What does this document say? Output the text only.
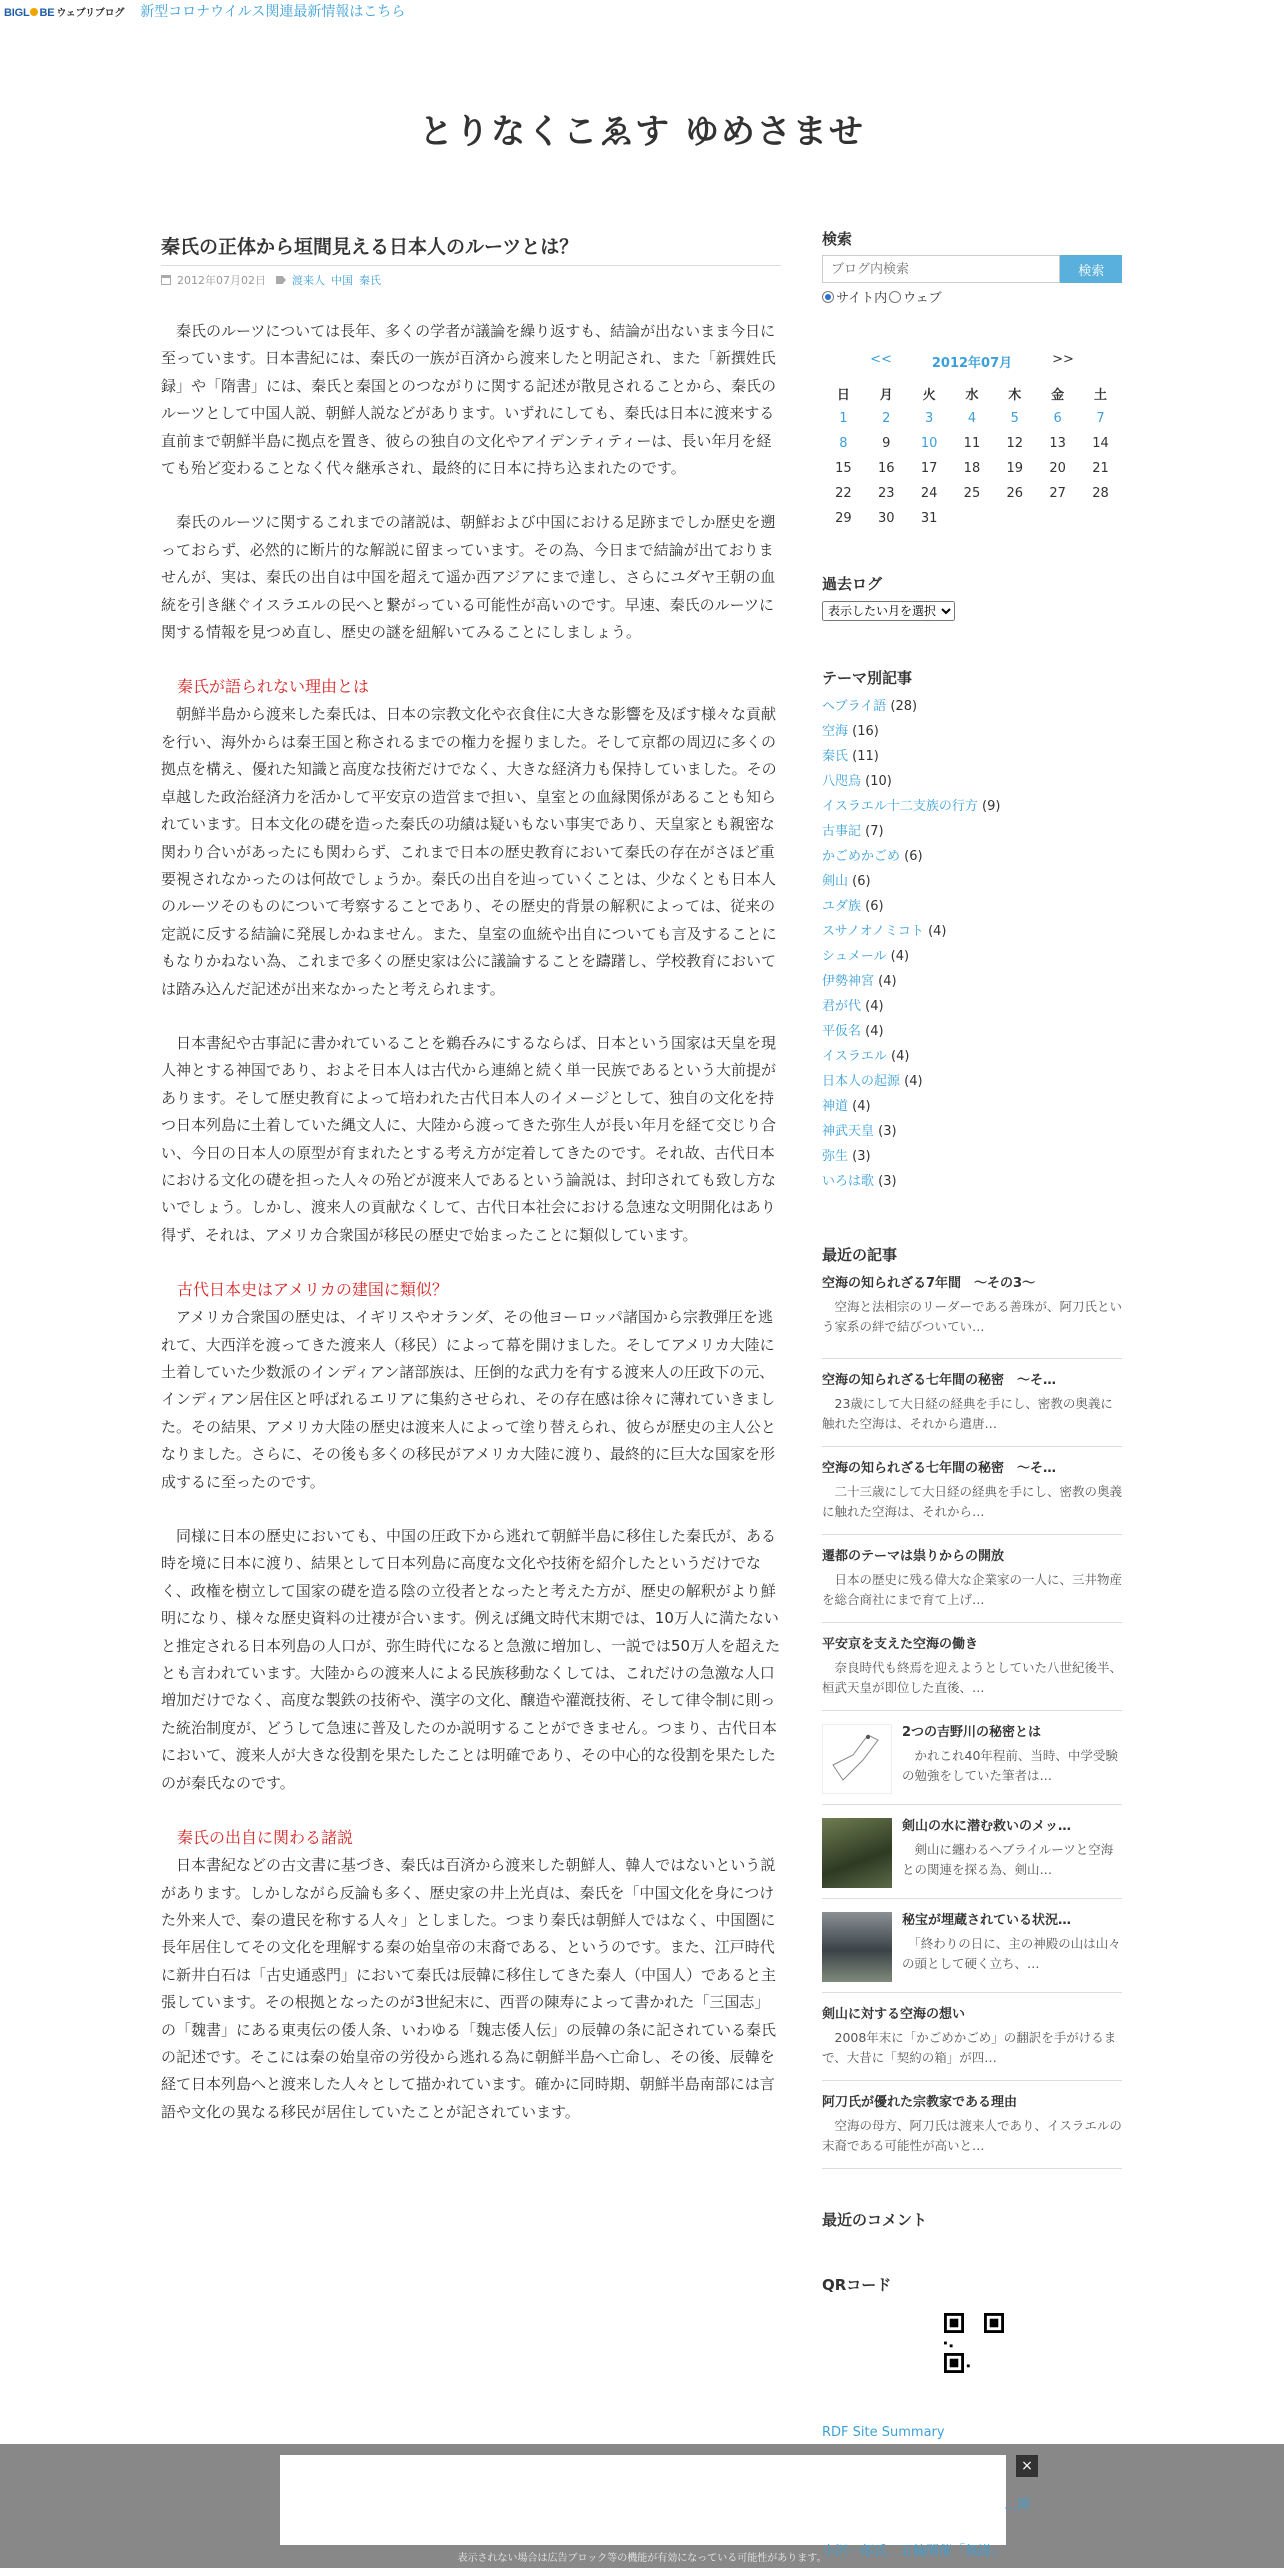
BIGL BE ウェブリブログ 新型コロナウイルス関連最新情報はこちら
とりなくこゑす ゆめさませ
秦氏の正体から垣間見える日本人のルーツとは？
2012年07月02日 渡来人 中国 秦氏

　秦氏のルーツについては長年、多くの学者が議論を繰り返すも、結論が出ないまま今日に至っています。日本書紀には、秦氏の一族が百済から渡来したと明記され、また「新撰姓氏録」や「隋書」には、秦氏と秦国とのつながりに関する記述が散見されることから、秦氏のルーツとして中国人説、朝鮮人説などがあります。いずれにしても、秦氏は日本に渡来する直前まで朝鮮半島に拠点を置き、彼らの独自の文化やアイデンティティーは、長い年月を経ても殆ど変わることなく代々継承され、最終的に日本に持ち込まれたのです。

　秦氏のルーツに関するこれまでの諸説は、朝鮮および中国における足跡までしか歴史を遡っておらず、必然的に断片的な解説に留まっています。その為、今日まで結論が出ておりませんが、実は、秦氏の出自は中国を超えて遥か西アジアにまで達し、さらにユダヤ王朝の血統を引き継ぐイスラエルの民へと繋がっている可能性が高いのです。早速、秦氏のルーツに関する情報を見つめ直し、歴史の謎を紐解いてみることにしましょう。

秦氏が語られない理由とは

　朝鮮半島から渡来した秦氏は、日本の宗教文化や衣食住に大きな影響を及ぼす様々な貢献を行い、海外からは秦王国と称されるまでの権力を握りました。そして京都の周辺に多くの拠点を構え、優れた知識と高度な技術だけでなく、大きな経済力も保持していました。その卓越した政治経済力を活かして平安京の造営まで担い、皇室との血縁関係があることも知られています。日本文化の礎を造った秦氏の功績は疑いもない事実であり、天皇家とも親密な関わり合いがあったにも関わらず、これまで日本の歴史教育において秦氏の存在がさほど重要視されなかったのは何故でしょうか。秦氏の出自を辿っていくことは、少なくとも日本人のルーツそのものについて考察することであり、その歴史的背景の解釈によっては、従来の定説に反する結論に発展しかねません。また、皇室の血統や出自についても言及することにもなりかねない為、これまで多くの歴史家は公に議論することを躊躇し、学校教育においては踏み込んだ記述が出来なかったと考えられます。

　日本書紀や古事記に書かれていることを鵜呑みにするならば、日本という国家は天皇を現人神とする神国であり、およそ日本人は古代から連綿と続く単一民族であるという大前提があります。そして歴史教育によって培われた古代日本人のイメージとして、独自の文化を持つ日本列島に土着していた縄文人に、大陸から渡ってきた弥生人が長い年月を経て交じり合い、今日の日本人の原型が育まれたとする考え方が定着してきたのです。それ故、古代日本における文化の礎を担った人々の殆どが渡来人であるという論説は、封印されても致し方ないでしょう。しかし、渡来人の貢献なくして、古代日本社会における急速な文明開化はあり得ず、それは、アメリカ合衆国が移民の歴史で始まったことに類似しています。

古代日本史はアメリカの建国に類似？

　アメリカ合衆国の歴史は、イギリスやオランダ、その他ヨーロッパ諸国から宗教弾圧を逃れて、大西洋を渡ってきた渡来人（移民）によって幕を開けました。そしてアメリカ大陸に土着していた少数派のインディアン諸部族は、圧倒的な武力を有する渡来人の圧政下の元、インディアン居住区と呼ばれるエリアに集約させられ、その存在感は徐々に薄れていきました。その結果、アメリカ大陸の歴史は渡来人によって塗り替えられ、彼らが歴史の主人公となりました。さらに、その後も多くの移民がアメリカ大陸に渡り、最終的に巨大な国家を形成するに至ったのです。

　同様に日本の歴史においても、中国の圧政下から逃れて朝鮮半島に移住した秦氏が、ある時を境に日本に渡り、結果として日本列島に高度な文化や技術を紹介したというだけでなく、政権を樹立して国家の礎を造る陰の立役者となったと考えた方が、歴史の解釈がより鮮明になり、様々な歴史資料の辻褄が合います。例えば縄文時代末期では、10万人に満たないと推定される日本列島の人口が、弥生時代になると急激に増加し、一説では50万人を超えたとも言われています。大陸からの渡来人による民族移動なくしては、これだけの急激な人口増加だけでなく、高度な製鉄の技術や、漢字の文化、醸造や灌漑技術、そして律令制に則った統治制度が、どうして急速に普及したのか説明することができません。つまり、古代日本において、渡来人が大きな役割を果たしたことは明確であり、その中心的な役割を果たしたのが秦氏なのです。

秦氏の出自に関わる諸説

　日本書紀などの古文書に基づき、秦氏は百済から渡来した朝鮮人、韓人ではないという説があります。しかしながら反論も多く、歴史家の井上光貞は、秦氏を「中国文化を身につけた外来人で、秦の遺民を称する人々」としました。つまり秦氏は朝鮮人ではなく、中国圏に長年居住してその文化を理解する秦の始皇帝の末裔である、というのです。また、江戸時代に新井白石は「古史通惑門」において秦氏は辰韓に移住してきた秦人（中国人）であると主張しています。その根拠となったのが3世紀末に、西晋の陳寿によって書かれた「三国志」の「魏書」にある東夷伝の倭人条、いわゆる「魏志倭人伝」の辰韓の条に記されている秦氏の記述です。そこには秦の始皇帝の労役から逃れる為に朝鮮半島へ亡命し、その後、辰韓を経て日本列島へと渡来した人々として描かれています。確かに同時期、朝鮮半島南部には言語や文化の異なる移民が居住していたことが記されています。

検索
ブログ内検索
検索
サイト内 ウェブ
<<	2012年07月	>>
日	月	火	水	木	金	土
1	2	3	4	5	6	7
8	9	10	11	12	13	14
15	16	17	18	19	20	21
22	23	24	25	26	27	28
29	30	31				
過去ログ
表示したい月を選択
テーマ別記事
ヘブライ語 (28)
空海 (16)
秦氏 (11)
八咫烏 (10)
イスラエル十二支族の行方 (9)
古事記 (7)
かごめかごめ (6)
剣山 (6)
ユダ族 (6)
スサノオノミコト (4)
シュメール (4)
伊勢神宮 (4)
君が代 (4)
平仮名 (4)
イスラエル (4)
日本人の起源 (4)
神道 (4)
神武天皇 (3)
弥生 (3)
いろは歌 (3)
最近の記事
空海の知られざる7年間　～その3～
　空海と法相宗のリーダーである善珠が、阿刀氏という家系の絆で結びついてい…
空海の知られざる七年間の秘密　～そ…
　23歳にして大日経の経典を手にし、密教の奥義に触れた空海は、それから遣唐…
空海の知られざる七年間の秘密　～そ…
　二十三歳にして大日経の経典を手にし、密教の奥義に触れた空海は、それから…
遷都のテーマは祟りからの開放
　日本の歴史に残る偉大な企業家の一人に、三井物産を総合商社にまで育て上げ…
平安京を支えた空海の働き
　奈良時代も終焉を迎えようとしていた八世紀後半、桓武天皇が即位した直後、…
2つの吉野川の秘密とは
　かれこれ40年程前、当時、中学受験の勉強をしていた筆者は…
剣山の水に潜む救いのメッ…
　剣山に纏わるヘブライルーツと空海との関連を探る為、剣山…
秘宝が埋蔵されている状況…
　「終わりの日に、主の神殿の山は山々の頭として硬く立ち、…
剣山に対する空海の想い
　2008年末に「かごめかごめ」の翻訳を手がけるまで、大昔に「契約の箱」が四…
阿刀氏が優れた宗教家である理由
　空海の母方、阿刀氏は渡来人であり、イスラエルの末裔である可能性が高いと…
最近のコメント
QRコード
RDF Site Summary
×
小沢一郎氏　五輪開催「無謀」
…関
表示されない場合は広告ブロック等の機能が有効になっている可能性があります。
